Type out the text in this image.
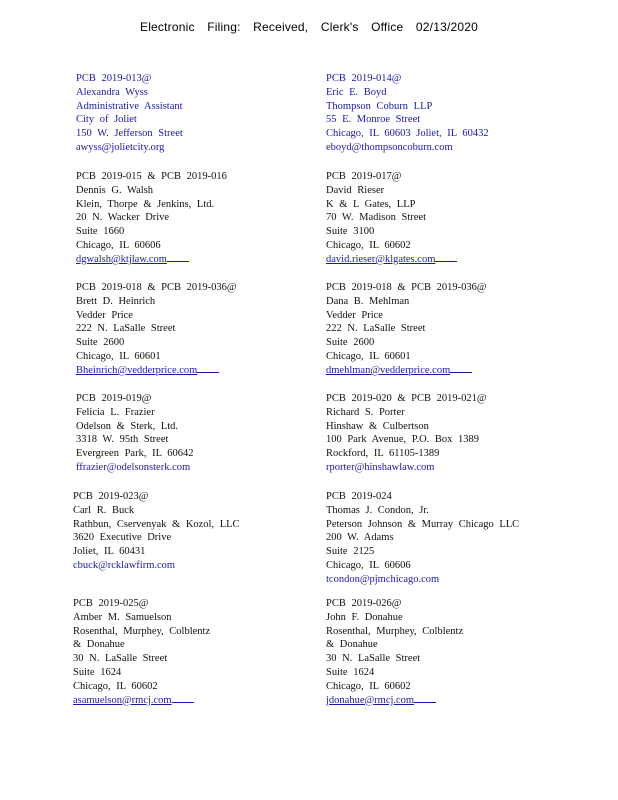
Electronic Filing: Received, Clerk's Office 02/13/2020
PCB 2019-013@
Alexandra Wyss
Administrative Assistant
City of Joliet
150 W. Jefferson Street
awyss@jolietcity.org
PCB 2019-014@
Eric E. Boyd
Thompson Coburn LLP
55 E. Monroe Street
Chicago, IL 60603 Joliet, IL 60432
eboyd@thompsoncoburn.com
PCB 2019-015 & PCB 2019-016
Dennis G. Walsh
Klein, Thorpe & Jenkins, Ltd.
20 N. Wacker Drive
Suite 1660
Chicago, IL 60606
dgwalsh@ktjlaw.com
PCB 2019-017@
David Rieser
K & L Gates, LLP
70 W. Madison Street
Suite 3100
Chicago, IL 60602
david.rieser@klgates.com
PCB 2019-018 & PCB 2019-036@
Brett D. Heinrich
Vedder Price
222 N. LaSalle Street
Suite 2600
Chicago, IL 60601
Bheinrich@vedderprice.com
PCB 2019-018 & PCB 2019-036@
Dana B. Mehlman
Vedder Price
222 N. LaSalle Street
Suite 2600
Chicago, IL 60601
dmehlman@vedderprice.com
PCB 2019-019@
Felicia L. Frazier
Odelson & Sterk, Ltd.
3318 W. 95th Street
Evergreen Park, IL 60642
ffrazier@odelsonsterk.com
PCB 2019-020 & PCB 2019-021@
Richard S. Porter
Hinshaw & Culbertson
100 Park Avenue, P.O. Box 1389
Rockford, IL 61105-1389
rporter@hinshawlaw.com
PCB 2019-023@
Carl R. Buck
Rathbun, Cservenyak & Kozol, LLC
3620 Executive Drive
Joliet, IL 60431
cbuck@rcklawfirm.com
PCB 2019-024
Thomas J. Condon, Jr.
Peterson Johnson & Murray Chicago LLC
200 W. Adams
Suite 2125
Chicago, IL 60606
tcondon@pjmchicago.com
PCB 2019-025@
Amber M. Samuelson
Rosenthal, Murphey, Colblentz
& Donahue
30 N. LaSalle Street
Suite 1624
Chicago, IL 60602
asamuelson@rmcj.com
PCB 2019-026@
John F. Donahue
Rosenthal, Murphey, Colblentz
& Donahue
30 N. LaSalle Street
Suite 1624
Chicago, IL 60602
jdonahue@rmcj.com
